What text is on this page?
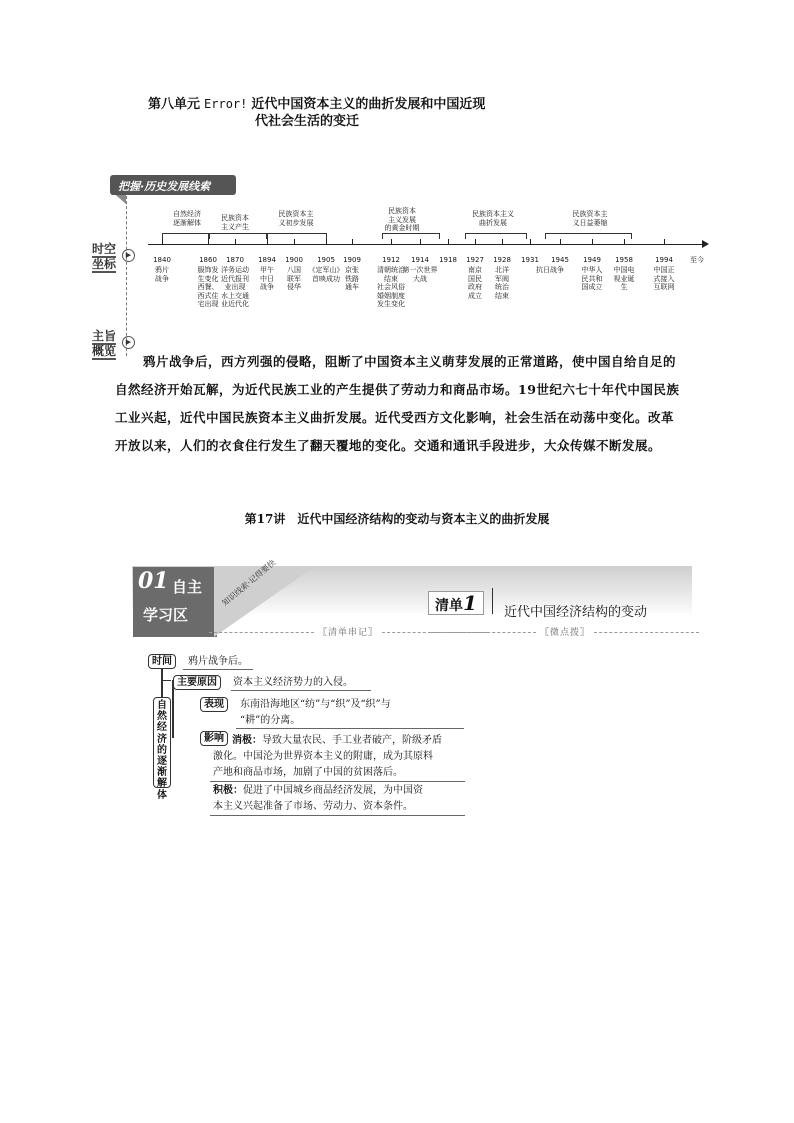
第八单元 Error! 近代中国资本主义的曲折发展和中国近现
代社会生活的变迁
把握·历史发展线索
时空
坐标
▶
主旨
概览
▶
自然经济
逐渐解体
民族资本
主义产生
民族资本主
义初步发展
民族资本
主义发展
的黄金时期
民族资本主义
曲折发展
民族资本主
义日益萎缩
1840
鸦片
战争
1860
服饰发
生变化
西餐、
西式住
宅出现
1870
洋务运动
近代报刊
业出现
水上交通
业近代化
1894
甲午
中日
战争
1900
八国
联军
侵华
1905
《定军山》
首映成功
1909
京张
铁路
通车
1912
清朝统治
结束
社会风俗
婚姻制度
发生变化
1914
第一次世界
大战
1918 1927
南京
国民
政府
成立
1928
北洋
军阀
统治
结束
1931 1945
抗日战争
1949
中华人
民共和
国成立
1958
中国电
视业诞
生
1994
中国正
式接入
互联网
至今
鸦片战争后，西方列强的侵略，阻断了中国资本主义萌芽发展的正常道路，使中国自给自足的自然经济开始瓦解，为近代民族工业的产生提供了劳动力和商品市场。19世纪六七十年代中国民族工业兴起，近代中国民族资本主义曲折发展。近代受西方文化影响，社会生活在动荡中变化。改革开放以来，人们的衣食住行发生了翻天覆地的变化。交通和通讯手段进步，大众传媒不断发展。
第17讲　近代中国经济结构的变动与资本主义的曲折发展
01 自主
学习区
知识线索·记得要快	清单1	近代中国经济结构的变动
〖清单串记〗	〖微点拨〗
自然经济的逐渐解体
时间	鸦片战争后。
主要原因	资本主义经济势力的入侵。
表现	东南沿海地区“纺”与“织”及“织”与
“耕”的分离。
影响 消极：导致大量农民、手工业者破产，阶级矛盾
激化。中国沦为世界资本主义的附庸，成为其原料
产地和商品市场，加剧了中国的贫困落后。
积极：促进了中国城乡商品经济发展，为中国资
本主义兴起准备了市场、劳动力、资本条件。
